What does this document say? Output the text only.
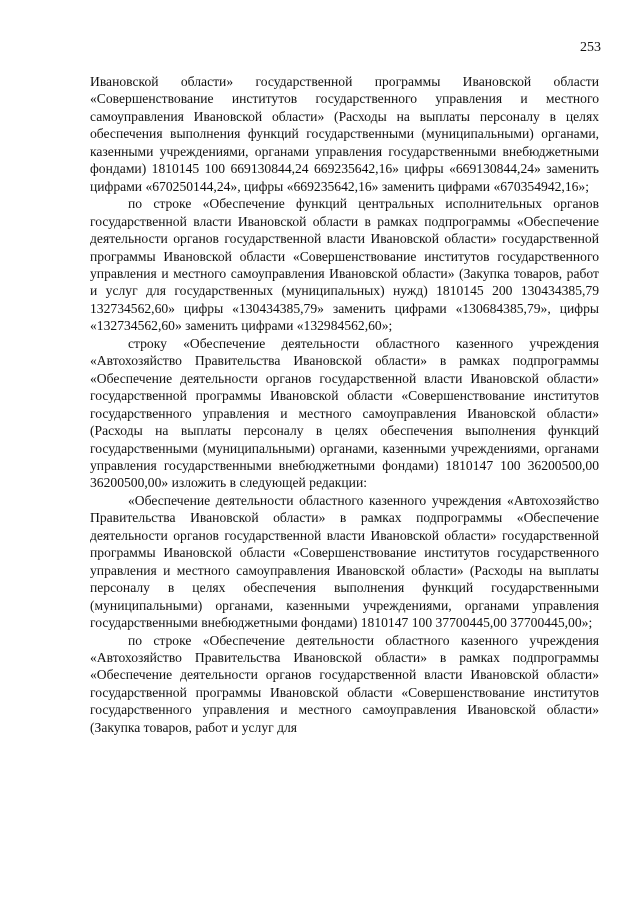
253

Ивановской области» государственной программы Ивановской области «Совершенствование институтов государственного управления и местного самоуправления Ивановской области» (Расходы на выплаты персоналу в целях обеспечения выполнения функций государственными (муниципальными) органами, казенными учреждениями, органами управления государственными внебюджетными фондами) 1810145 100 669130844,24 669235642,16» цифры «669130844,24» заменить цифрами «670250144,24», цифры «669235642,16» заменить цифрами «670354942,16»;

по строке «Обеспечение функций центральных исполнительных органов государственной власти Ивановской области в рамках подпрограммы «Обеспечение деятельности органов государственной власти Ивановской области» государственной программы Ивановской области «Совершенствование институтов государственного управления и местного самоуправления Ивановской области» (Закупка товаров, работ и услуг для государственных (муниципальных) нужд) 1810145 200 130434385,79 132734562,60» цифры «130434385,79» заменить цифрами «130684385,79», цифры «132734562,60» заменить цифрами «132984562,60»;

строку «Обеспечение деятельности областного казенного учреждения «Автохозяйство Правительства Ивановской области» в рамках подпрограммы «Обеспечение деятельности органов государственной власти Ивановской области» государственной программы Ивановской области «Совершенствование институтов государственного управления и местного самоуправления Ивановской области» (Расходы на выплаты персоналу в целях обеспечения выполнения функций государственными (муниципальными) органами, казенными учреждениями, органами управления государственными внебюджетными фондами) 1810147 100 36200500,00 36200500,00» изложить в следующей редакции:

«Обеспечение деятельности областного казенного учреждения «Автохозяйство Правительства Ивановской области» в рамках подпрограммы «Обеспечение деятельности органов государственной власти Ивановской области» государственной программы Ивановской области «Совершенствование институтов государственного управления и местного самоуправления Ивановской области» (Расходы на выплаты персоналу в целях обеспечения выполнения функций государственными (муниципальными) органами, казенными учреждениями, органами управления государственными внебюджетными фондами) 1810147 100 37700445,00 37700445,00»;

по строке «Обеспечение деятельности областного казенного учреждения «Автохозяйство Правительства Ивановской области» в рамках подпрограммы «Обеспечение деятельности органов государственной власти Ивановской области» государственной программы Ивановской области «Совершенствование институтов государственного управления и местного самоуправления Ивановской области» (Закупка товаров, работ и услуг для
